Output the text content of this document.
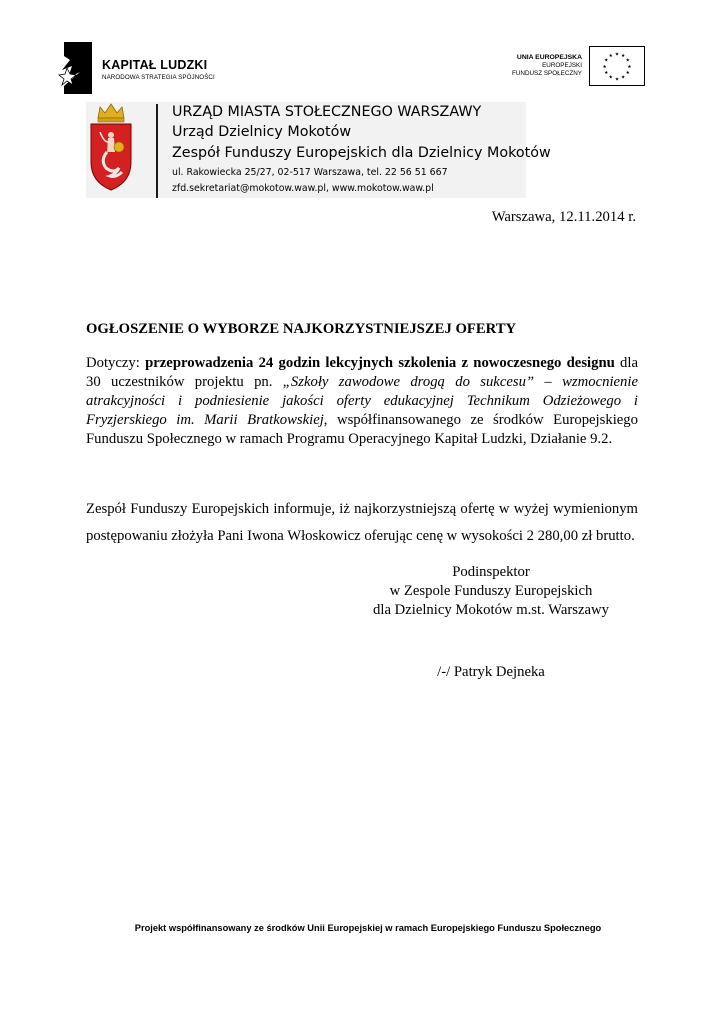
KAPITAŁ LUDZKI
NARODOWA STRATEGIA SPÓJNOŚCI
UNIA EUROPEJSKA
EUROPEJSKI
FUNDUSZ SPOŁECZNY
★ ★
★
★
★
★
★
★
★
★
★
★
URZĄD MIASTA STOŁECZNEGO WARSZAWY
Urząd Dzielnicy Mokotów
Zespół Funduszy Europejskich dla Dzielnicy Mokotów
ul. Rakowiecka 25/27, 02-517 Warszawa, tel. 22 56 51 667
zfd.sekretariat@mokotow.waw.pl, www.mokotow.waw.pl
Warszawa, 12.11.2014 r.
OGŁOSZENIE O WYBORZE NAJKORZYSTNIEJSZEJ OFERTY
Dotyczy: przeprowadzenia 24 godzin lekcyjnych szkolenia z nowoczesnego designu dla 30 uczestników projektu pn. „Szkoły zawodowe drogą do sukcesu” – wzmocnienie atrakcyjności i podniesienie jakości oferty edukacyjnej Technikum Odzieżowego i Fryzjerskiego im. Marii Bratkowskiej, współfinansowanego ze środków Europejskiego Funduszu Społecznego w ramach Programu Operacyjnego Kapitał Ludzki, Działanie 9.2.
Zespół Funduszy Europejskich informuje, iż najkorzystniejszą ofertę w wyżej wymienionym postępowaniu złożyła Pani Iwona Włoskowicz oferując cenę w wysokości 2 280,00 zł brutto.
Podinspektor
w Zespole Funduszy Europejskich
dla Dzielnicy Mokotów m.st. Warszawy
/-/ Patryk Dejneka
Projekt współfinansowany ze środków Unii Europejskiej w ramach Europejskiego Funduszu Społecznego
